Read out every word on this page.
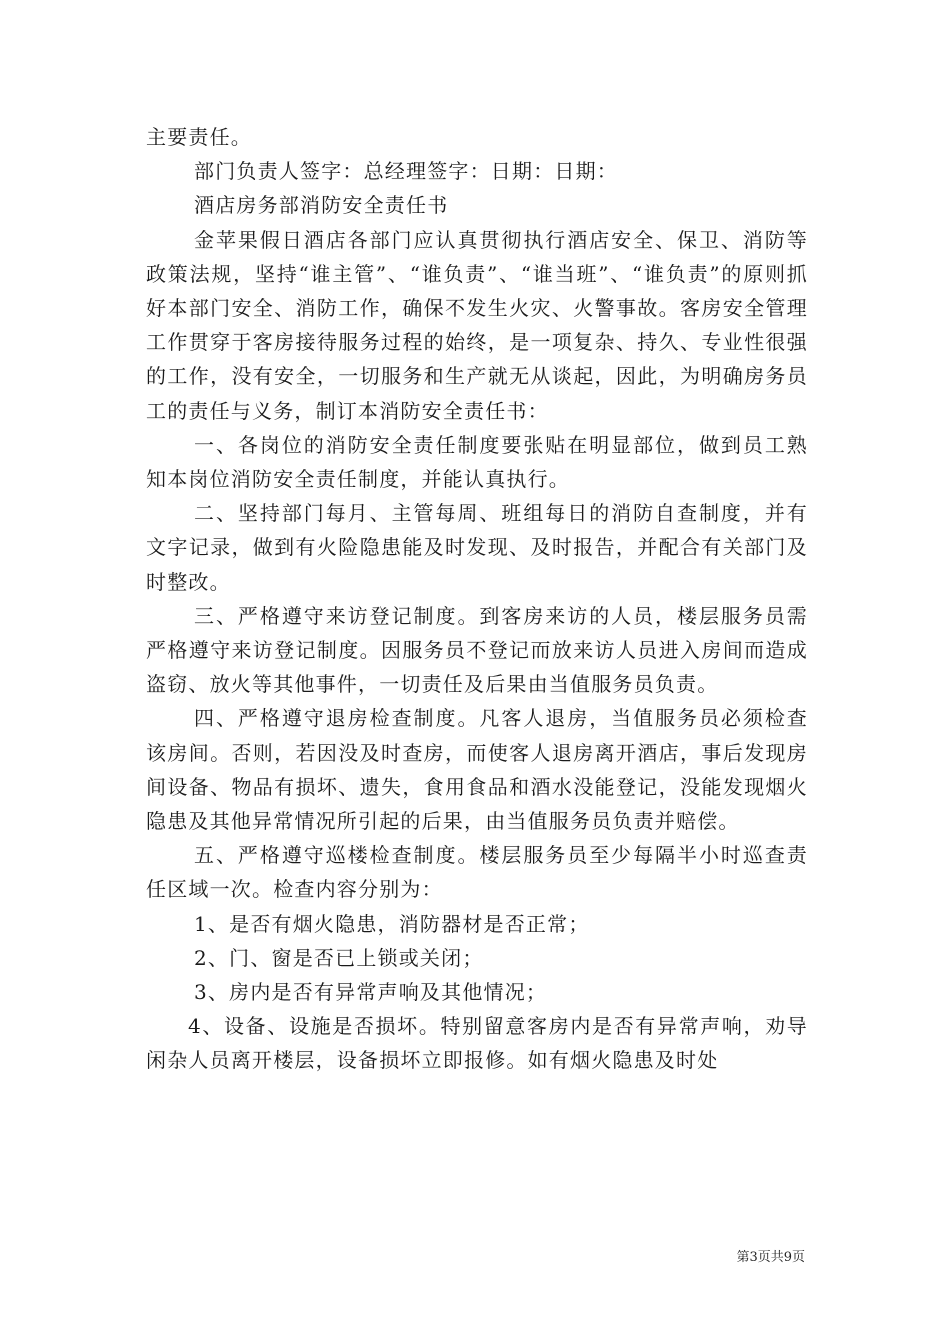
主要责任。

部门负责人签字：总经理签字：日期：日期：

酒店房务部消防安全责任书

金苹果假日酒店各部门应认真贯彻执行酒店安全、保卫、消防等政策法规，坚持“谁主管”、“谁负责”、“谁当班”、“谁负责”的原则抓好本部门安全、消防工作，确保不发生火灾、火警事故。客房安全管理工作贯穿于客房接待服务过程的始终，是一项复杂、持久、专业性很强的工作，没有安全，一切服务和生产就无从谈起，因此，为明确房务员工的责任与义务，制订本消防安全责任书：

一、各岗位的消防安全责任制度要张贴在明显部位，做到员工熟知本岗位消防安全责任制度，并能认真执行。

二、坚持部门每月、主管每周、班组每日的消防自查制度，并有文字记录，做到有火险隐患能及时发现、及时报告，并配合有关部门及时整改。

三、严格遵守来访登记制度。到客房来访的人员，楼层服务员需严格遵守来访登记制度。因服务员不登记而放来访人员进入房间而造成盗窃、放火等其他事件，一切责任及后果由当值服务员负责。

四、严格遵守退房检查制度。凡客人退房，当值服务员必须检查该房间。否则，若因没及时查房，而使客人退房离开酒店，事后发现房间设备、物品有损坏、遗失，食用食品和酒水没能登记，没能发现烟火隐患及其他异常情况所引起的后果，由当值服务员负责并赔偿。

五、严格遵守巡楼检查制度。楼层服务员至少每隔半小时巡查责任区域一次。检查内容分别为：

1、是否有烟火隐患，消防器材是否正常；

2、门、窗是否已上锁或关闭；

3、房内是否有异常声响及其他情况；

4、设备、设施是否损坏。特别留意客房内是否有异常声响，劝导闲杂人员离开楼层，设备损坏立即报修。如有烟火隐患及时处

第3页共9页
